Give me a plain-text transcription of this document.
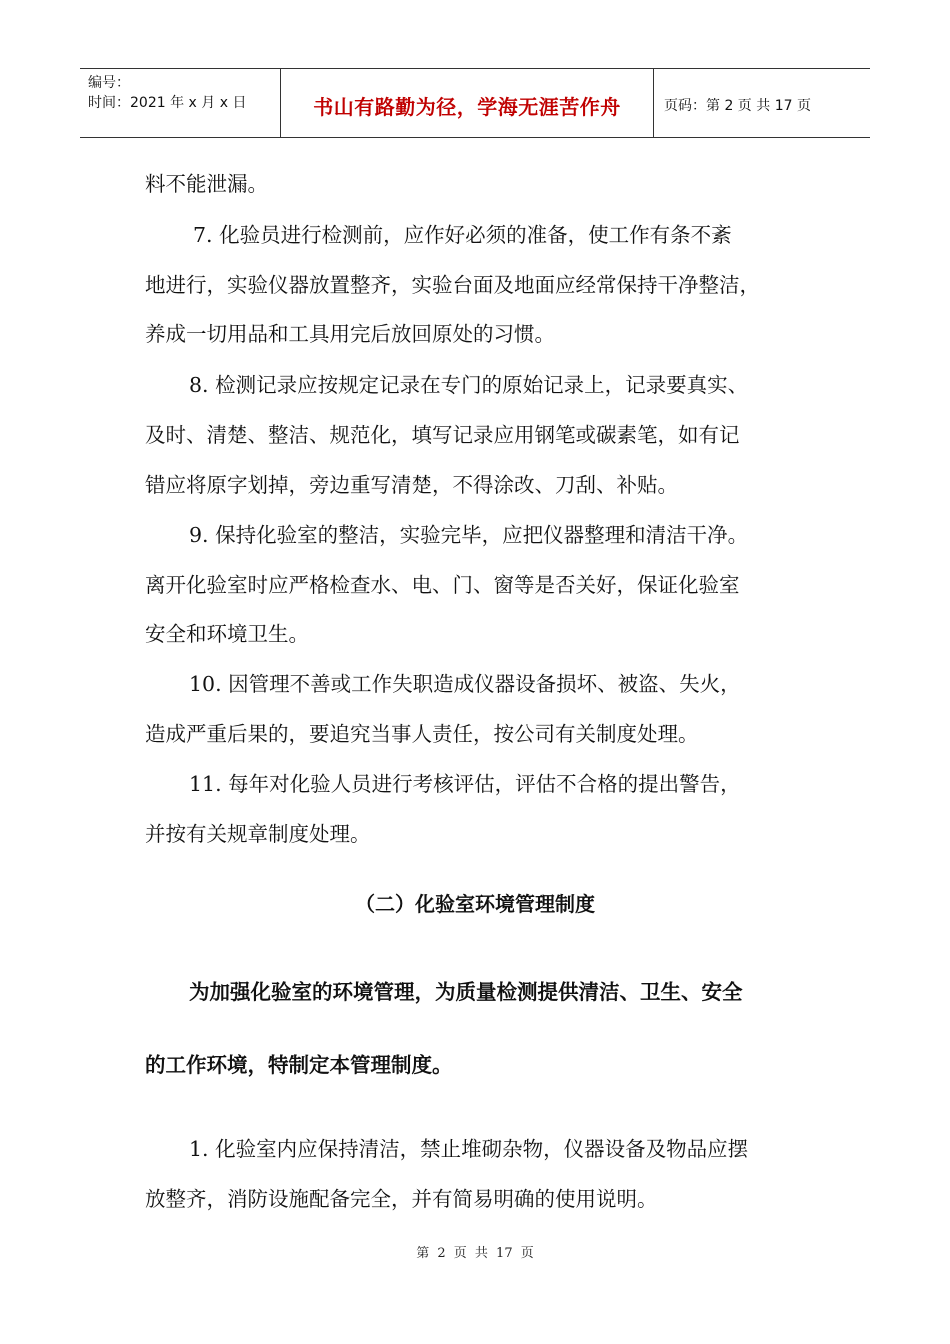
编号：
时间：2021 年 x 月 x 日	书山有路勤为径，学海无涯苦作舟	页码：第 2 页 共 17 页
料不能泄漏。
7. 化验员进行检测前，应作好必须的准备，使工作有条不紊
地进行，实验仪器放置整齐，实验台面及地面应经常保持干净整洁，
养成一切用品和工具用完后放回原处的习惯。
8. 检测记录应按规定记录在专门的原始记录上，记录要真实、
及时、清楚、整洁、规范化，填写记录应用钢笔或碳素笔，如有记
错应将原字划掉，旁边重写清楚，不得涂改、刀刮、补贴。
9. 保持化验室的整洁，实验完毕，应把仪器整理和清洁干净。
离开化验室时应严格检查水、电、门、窗等是否关好，保证化验室
安全和环境卫生。
10. 因管理不善或工作失职造成仪器设备损坏、被盗、失火，
造成严重后果的，要追究当事人责任，按公司有关制度处理。
11. 每年对化验人员进行考核评估，评估不合格的提出警告，
并按有关规章制度处理。
（二）化验室环境管理制度
为加强化验室的环境管理，为质量检测提供清洁、卫生、安全
的工作环境，特制定本管理制度。
1. 化验室内应保持清洁，禁止堆砌杂物，仪器设备及物品应摆
放整齐，消防设施配备完全，并有简易明确的使用说明。
第 2 页 共 17 页
